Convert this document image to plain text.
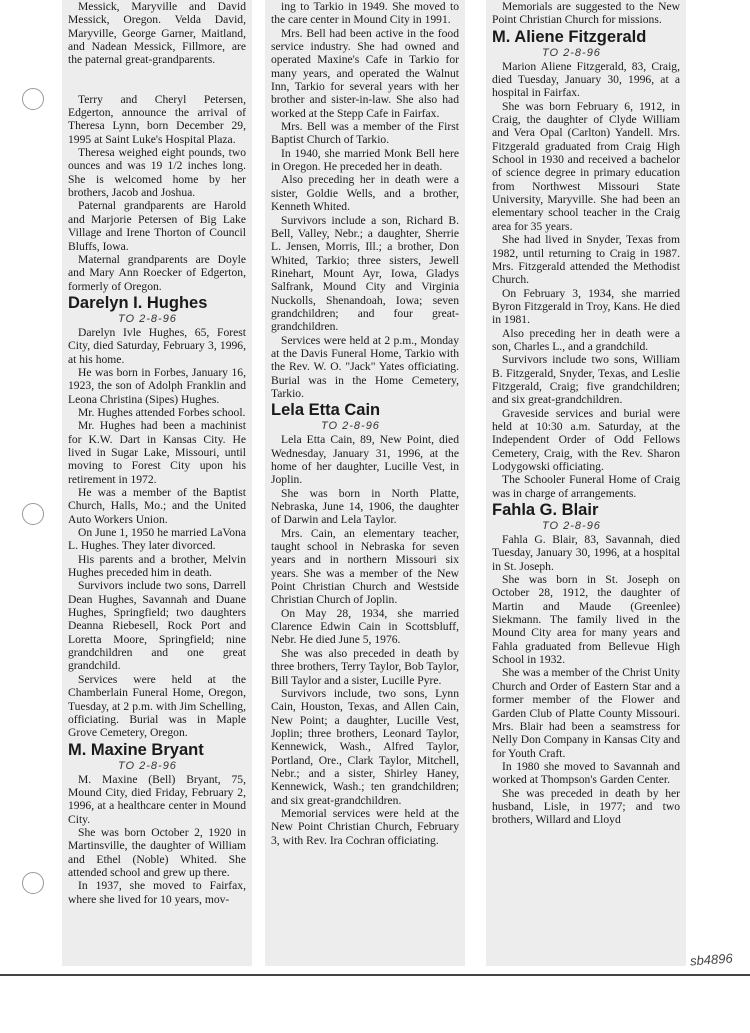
Messick, Maryville and David Messick, Oregon. Velda David, Maryville, George Garner, Maitland, and Nadean Messick, Fillmore, are the paternal great-grandparents.

Terry and Cheryl Petersen, Edgerton, announce the arrival of Theresa Lynn, born December 29, 1995 at Saint Luke's Hospital Plaza.

Theresa weighed eight pounds, two ounces and was 19 1/2 inches long. She is welcomed home by her brothers, Jacob and Joshua.

Paternal grandparents are Harold and Marjorie Petersen of Big Lake Village and Irene Thorton of Council Bluffs, Iowa.

Maternal grandparents are Doyle and Mary Ann Roecker of Edgerton, formerly of Oregon.

Darelyn I. Hughes

TO 2-8-96

Darelyn Ivle Hughes, 65, Forest City, died Saturday, February 3, 1996, at his home.

He was born in Forbes, January 16, 1923, the son of Adolph Franklin and Leona Christina (Sipes) Hughes.

Mr. Hughes attended Forbes school.

Mr. Hughes had been a machinist for K.W. Dart in Kansas City. He lived in Sugar Lake, Missouri, until moving to Forest City upon his retirement in 1972.

He was a member of the Baptist Church, Halls, Mo.; and the United Auto Workers Union.

On June 1, 1950 he married LaVona L. Hughes. They later divorced.

His parents and a brother, Melvin Hughes preceded him in death.

Survivors include two sons, Darrell Dean Hughes, Savannah and Duane Hughes, Springfield; two daughters Deanna Riebesell, Rock Port and Loretta Moore, Springfield; nine grandchildren and one great grandchild.

Services were held at the Chamberlain Funeral Home, Oregon, Tuesday, at 2 p.m. with Jim Schelling, officiating. Burial was in Maple Grove Cemetery, Oregon.

M. Maxine Bryant

TO 2-8-96

M. Maxine (Bell) Bryant, 75, Mound City, died Friday, February 2, 1996, at a healthcare center in Mound City.

She was born October 2, 1920 in Martinsville, the daughter of William and Ethel (Noble) Whited. She attended school and grew up there.

In 1937, she moved to Fairfax, where she lived for 10 years, mov-

ing to Tarkio in 1949. She moved to the care center in Mound City in 1991.

Mrs. Bell had been active in the food service industry. She had owned and operated Maxine's Cafe in Tarkio for many years, and operated the Walnut Inn, Tarkio for several years with her brother and sister-in-law. She also had worked at the Stepp Cafe in Fairfax.

Mrs. Bell was a member of the First Baptist Church of Tarkio.

In 1940, she married Monk Bell here in Oregon. He preceded her in death.

Also preceding her in death were a sister, Goldie Wells, and a brother, Kenneth Whited.

Survivors include a son, Richard B. Bell, Valley, Nebr.; a daughter, Sherrie L. Jensen, Morris, Ill.; a brother, Don Whited, Tarkio; three sisters, Jewell Rinehart, Mount Ayr, Iowa, Gladys Salfrank, Mound City and Virginia Nuckolls, Shenandoah, Iowa; seven grandchildren; and four great-grandchildren.

Services were held at 2 p.m., Monday at the Davis Funeral Home, Tarkio with the Rev. W. O. "Jack" Yates officiating. Burial was in the Home Cemetery, Tarkio.

Lela Etta Cain

TO 2-8-96

Lela Etta Cain, 89, New Point, died Wednesday, January 31, 1996, at the home of her daughter, Lucille Vest, in Joplin.

She was born in North Platte, Nebraska, June 14, 1906, the daughter of Darwin and Lela Taylor.

Mrs. Cain, an elementary teacher, taught school in Nebraska for seven years and in northern Missouri six years. She was a member of the New Point Christian Church and Westside Christian Church of Joplin.

On May 28, 1934, she married Clarence Edwin Cain in Scottsbluff, Nebr. He died June 5, 1976.

She was also preceded in death by three brothers, Terry Taylor, Bob Taylor, Bill Taylor and a sister, Lucille Pyre.

Survivors include, two sons, Lynn Cain, Houston, Texas, and Allen Cain, New Point; a daughter, Lucille Vest, Joplin; three brothers, Leonard Taylor, Kennewick, Wash., Alfred Taylor, Portland, Ore., Clark Taylor, Mitchell, Nebr.; and a sister, Shirley Haney, Kennewick, Wash.; ten grandchildren; and six great-grandchildren.

Memorial services were held at the New Point Christian Church, February 3, with Rev. Ira Cochran officiating.

Memorials are suggested to the New Point Christian Church for missions.

M. Aliene Fitzgerald

TO 2-8-96

Marion Aliene Fitzgerald, 83, Craig, died Tuesday, January 30, 1996, at a hospital in Fairfax.

She was born February 6, 1912, in Craig, the daughter of Clyde William and Vera Opal (Carlton) Yandell. Mrs. Fitzgerald graduated from Craig High School in 1930 and received a bachelor of science degree in primary education from Northwest Missouri State University, Maryville. She had been an elementary school teacher in the Craig area for 35 years.

She had lived in Snyder, Texas from 1982, until returning to Craig in 1987. Mrs. Fitzgerald attended the Methodist Church.

On February 3, 1934, she married Byron Fitzgerald in Troy, Kans. He died in 1981.

Also preceding her in death were a son, Charles L., and a grandchild.

Survivors include two sons, William B. Fitzgerald, Snyder, Texas, and Leslie Fitzgerald, Craig; five grandchildren; and six great-grandchildren.

Graveside services and burial were held at 10:30 a.m. Saturday, at the Independent Order of Odd Fellows Cemetery, Craig, with the Rev. Sharon Lodygowski officiating.

The Schooler Funeral Home of Craig was in charge of arrangements.

Fahla G. Blair

TO 2-8-96

Fahla G. Blair, 83, Savannah, died Tuesday, January 30, 1996, at a hospital in St. Joseph.

She was born in St. Joseph on October 28, 1912, the daughter of Martin and Maude (Greenlee) Siekmann. The family lived in the Mound City area for many years and Fahla graduated from Bellevue High School in 1932.

She was a member of the Christ Unity Church and Order of Eastern Star and a former member of the Flower and Garden Club of Platte County Missouri. Mrs. Blair had been a seamstress for Nelly Don Company in Kansas City and for Youth Craft.

In 1980 she moved to Savannah and worked at Thompson's Garden Center.

She was preceded in death by her husband, Lisle, in 1977; and two brothers, Willard and Lloyd

sb4896
